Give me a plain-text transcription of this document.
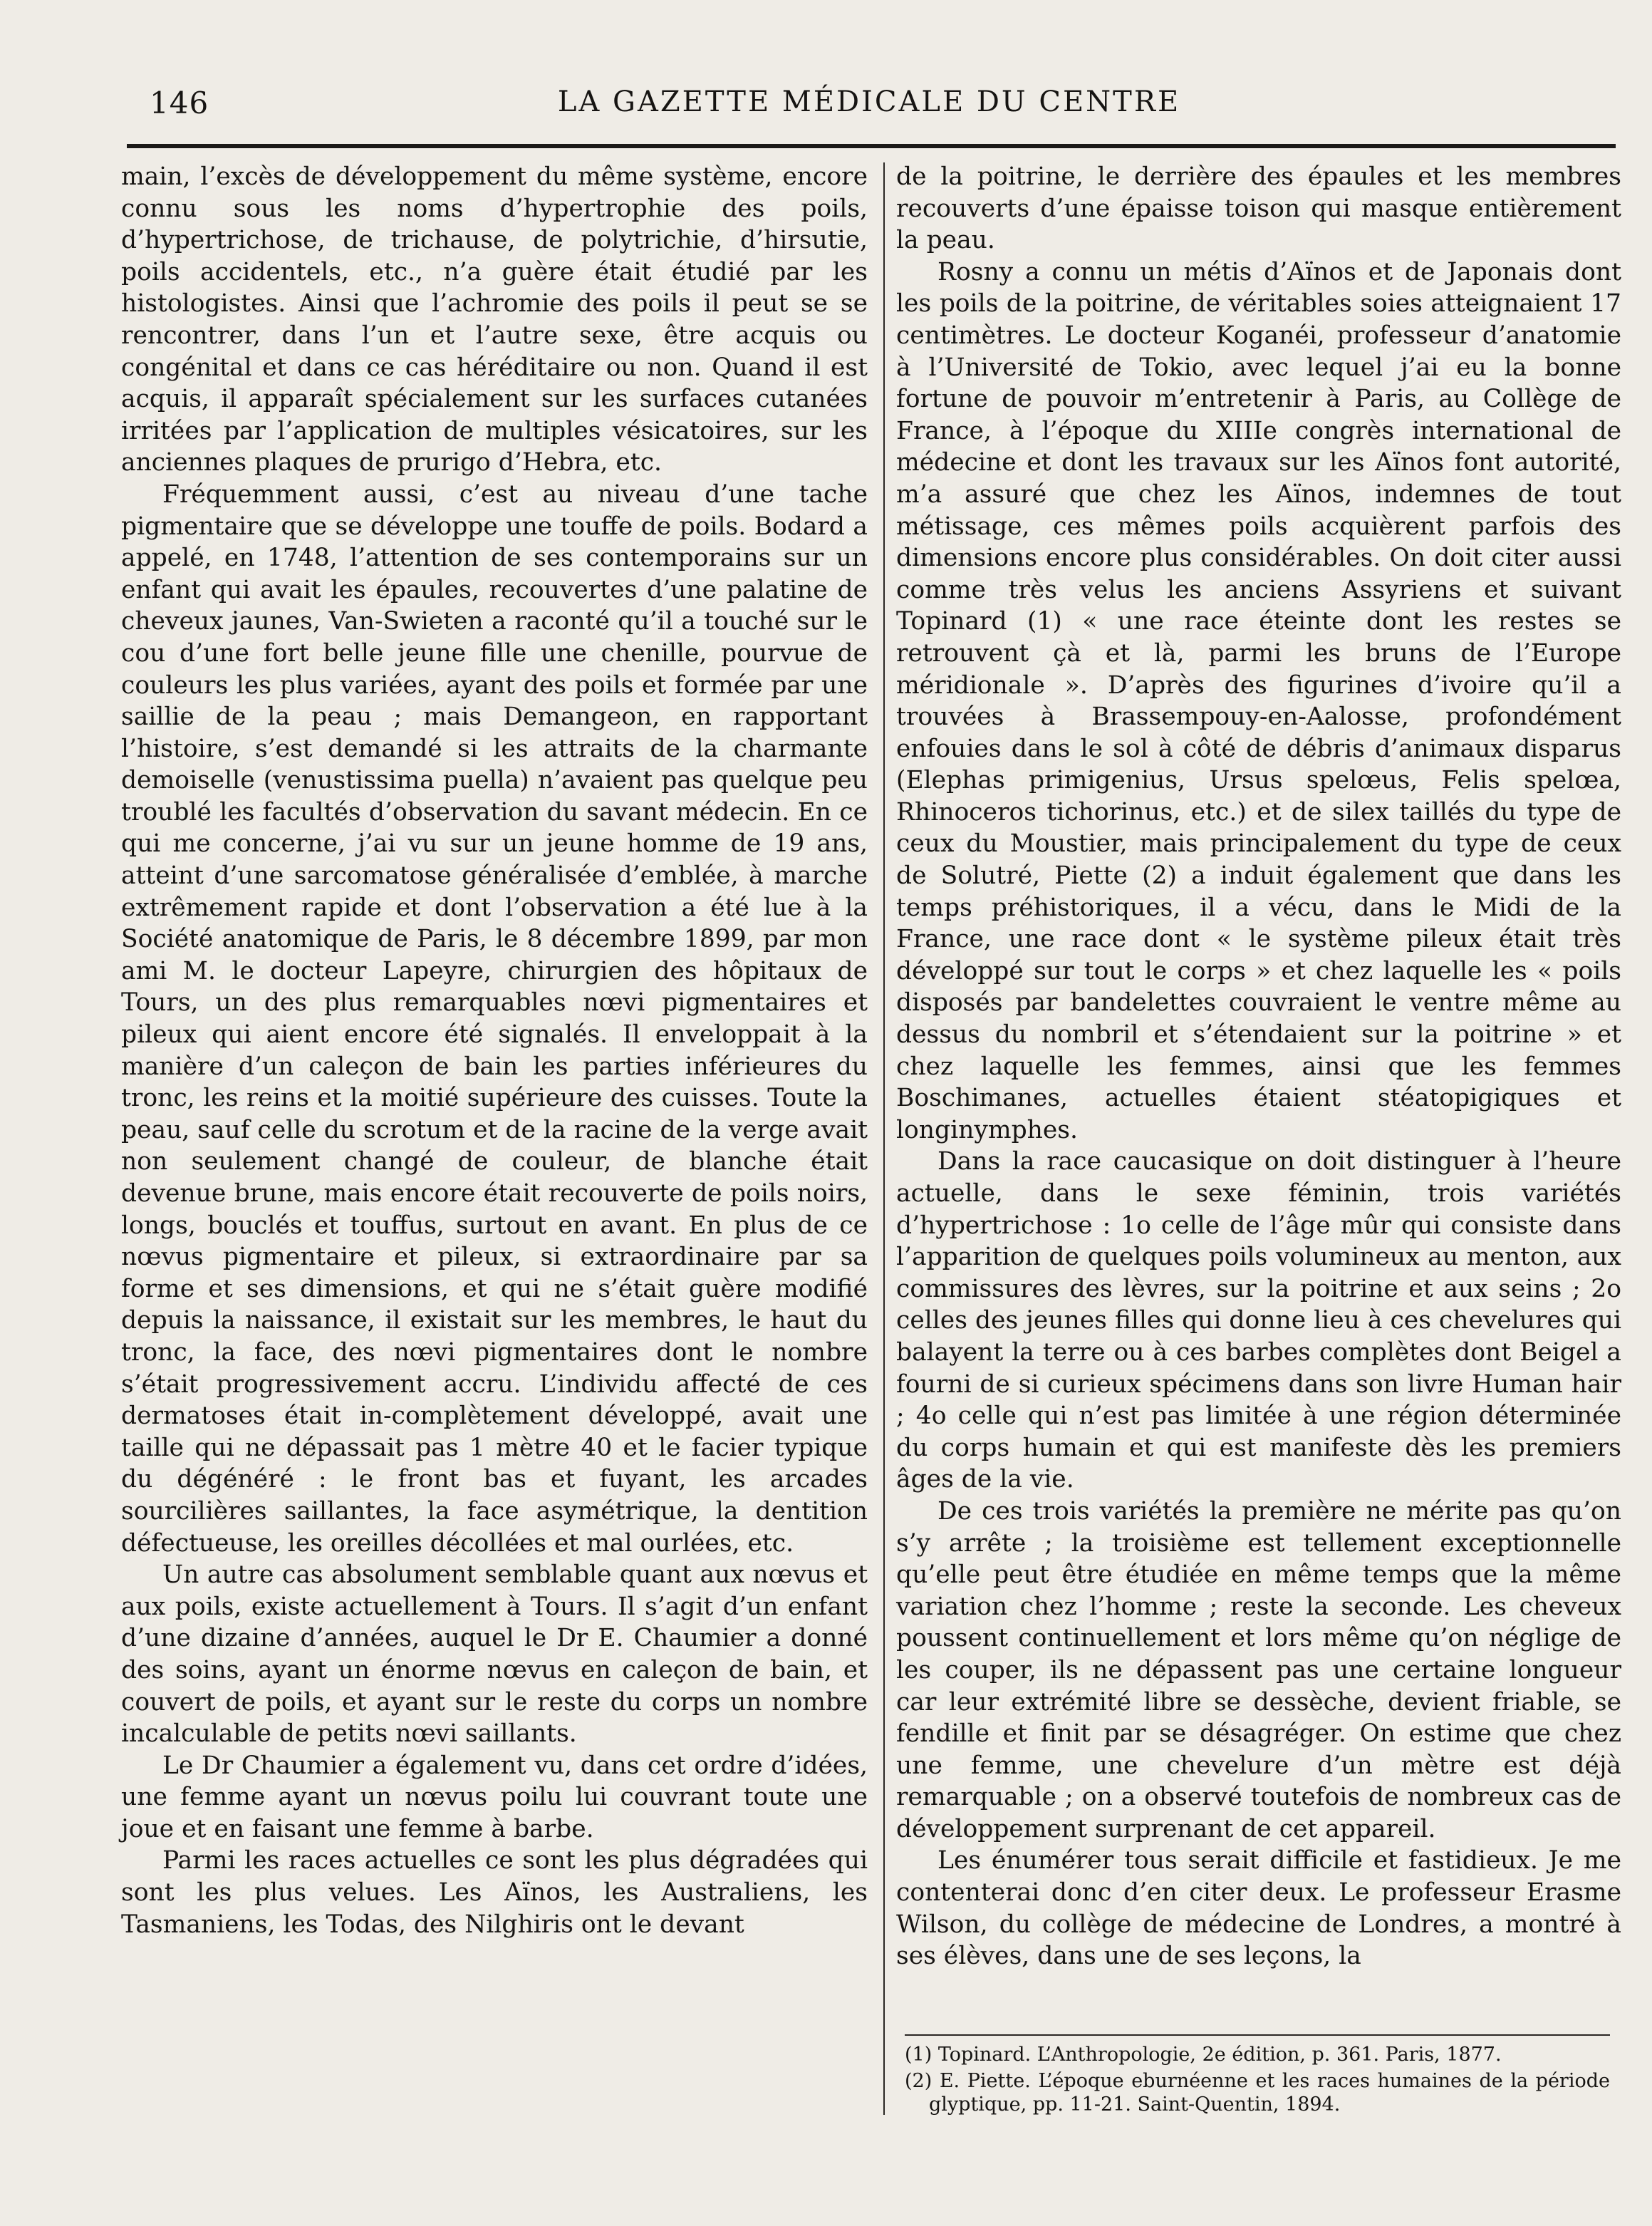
146	LA GAZETTE MÉDICALE DU CENTRE

main, l’excès de développement du même système, encore connu sous les noms d’hypertrophie des poils, d’hypertrichose, de trichause, de polytrichie, d’hirsutie, poils accidentels, etc., n’a guère était étudié par les histologistes. Ainsi que l’achromie des poils il peut se se rencontrer, dans l’un et l’autre sexe, être acquis ou congénital et dans ce cas héréditaire ou non. Quand il est acquis, il apparaît spécialement sur les surfaces cutanées irritées par l’application de multiples vésicatoires, sur les anciennes plaques de prurigo d’Hebra, etc.

Fréquemment aussi, c’est au niveau d’une tache pigmentaire que se développe une touffe de poils. Bodard a appelé, en 1748, l’attention de ses contemporains sur un enfant qui avait les épaules, recouvertes d’une palatine de cheveux jaunes, Van-Swieten a raconté qu’il a touché sur le cou d’une fort belle jeune fille une chenille, pourvue de couleurs les plus variées, ayant des poils et formée par une saillie de la peau ; mais Demangeon, en rapportant l’histoire, s’est demandé si les attraits de la charmante demoiselle (venustissima puella) n’avaient pas quelque peu troublé les facultés d’observation du savant médecin. En ce qui me concerne, j’ai vu sur un jeune homme de 19 ans, atteint d’une sarcomatose généralisée d’emblée, à marche extrêmement rapide et dont l’observation a été lue à la Société anatomique de Paris, le 8 décembre 1899, par mon ami M. le docteur Lapeyre, chirurgien des hôpitaux de Tours, un des plus remarquables nœvi pigmentaires et pileux qui aient encore été signalés. Il enveloppait à la manière d’un caleçon de bain les parties inférieures du tronc, les reins et la moitié supérieure des cuisses. Toute la peau, sauf celle du scrotum et de la racine de la verge avait non seulement changé de couleur, de blanche était devenue brune, mais encore était recouverte de poils noirs, longs, bouclés et touffus, surtout en avant. En plus de ce nœvus pigmentaire et pileux, si extraordinaire par sa forme et ses dimensions, et qui ne s’était guère modifié depuis la naissance, il existait sur les membres, le haut du tronc, la face, des nœvi pigmentaires dont le nombre s’était progressivement accru. L’individu affecté de ces dermatoses était in-complètement développé, avait une taille qui ne dépassait pas 1 mètre 40 et le facier typique du dégénéré : le front bas et fuyant, les arcades sourcilières saillantes, la face asymétrique, la dentition défectueuse, les oreilles décollées et mal ourlées, etc.

Un autre cas absolument semblable quant aux nœvus et aux poils, existe actuellement à Tours. Il s’agit d’un enfant d’une dizaine d’années, auquel le Dr E. Chaumier a donné des soins, ayant un énorme nœvus en caleçon de bain, et couvert de poils, et ayant sur le reste du corps un nombre incalculable de petits nœvi saillants.

Le Dr Chaumier a également vu, dans cet ordre d’idées, une femme ayant un nœvus poilu lui couvrant toute une joue et en faisant une femme à barbe.

Parmi les races actuelles ce sont les plus dégradées qui sont les plus velues. Les Aïnos, les Australiens, les Tasmaniens, les Todas, des Nilghiris ont le devant

de la poitrine, le derrière des épaules et les membres recouverts d’une épaisse toison qui masque entièrement la peau.

Rosny a connu un métis d’Aïnos et de Japonais dont les poils de la poitrine, de véritables soies atteignaient 17 centimètres. Le docteur Koganéi, professeur d’anatomie à l’Université de Tokio, avec lequel j’ai eu la bonne fortune de pouvoir m’entretenir à Paris, au Collège de France, à l’époque du XIIIe congrès international de médecine et dont les travaux sur les Aïnos font autorité, m’a assuré que chez les Aïnos, indemnes de tout métissage, ces mêmes poils acquièrent parfois des dimensions encore plus considérables. On doit citer aussi comme très velus les anciens Assyriens et suivant Topinard (1) « une race éteinte dont les restes se retrouvent çà et là, parmi les bruns de l’Europe méridionale ». D’après des figurines d’ivoire qu’il a trouvées à Brassempouy-en-Aalosse, profondément enfouies dans le sol à côté de débris d’animaux disparus (Elephas primigenius, Ursus spelœus, Felis spelœa, Rhinoceros tichorinus, etc.) et de silex taillés du type de ceux du Moustier, mais principalement du type de ceux de Solutré, Piette (2) a induit également que dans les temps préhistoriques, il a vécu, dans le Midi de la France, une race dont « le système pileux était très développé sur tout le corps » et chez laquelle les « poils disposés par bandelettes couvraient le ventre même au dessus du nombril et s’étendaient sur la poitrine » et chez laquelle les femmes, ainsi que les femmes Boschimanes, actuelles étaient stéatopigiques et longinymphes.

Dans la race caucasique on doit distinguer à l’heure actuelle, dans le sexe féminin, trois variétés d’hypertrichose : 1o celle de l’âge mûr qui consiste dans l’apparition de quelques poils volumineux au menton, aux commissures des lèvres, sur la poitrine et aux seins ; 2o celles des jeunes filles qui donne lieu à ces chevelures qui balayent la terre ou à ces barbes complètes dont Beigel a fourni de si curieux spécimens dans son livre Human hair ; 4o celle qui n’est pas limitée à une région déterminée du corps humain et qui est manifeste dès les premiers âges de la vie.

De ces trois variétés la première ne mérite pas qu’on s’y arrête ; la troisième est tellement exceptionnelle qu’elle peut être étudiée en même temps que la même variation chez l’homme ; reste la seconde. Les cheveux poussent continuellement et lors même qu’on néglige de les couper, ils ne dépassent pas une certaine longueur car leur extrémité libre se dessèche, devient friable, se fendille et finit par se désagréger. On estime que chez une femme, une chevelure d’un mètre est déjà remarquable ; on a observé toutefois de nombreux cas de développement surprenant de cet appareil.

Les énumérer tous serait difficile et fastidieux. Je me contenterai donc d’en citer deux. Le professeur Erasme Wilson, du collège de médecine de Londres, a montré à ses élèves, dans une de ses leçons, la

(1) Topinard. L’Anthropologie, 2e édition, p. 361. Paris, 1877.

(2) E. Piette. L’époque eburnéenne et les races humaines de la période glyptique, pp. 11-21. Saint-Quentin, 1894.
